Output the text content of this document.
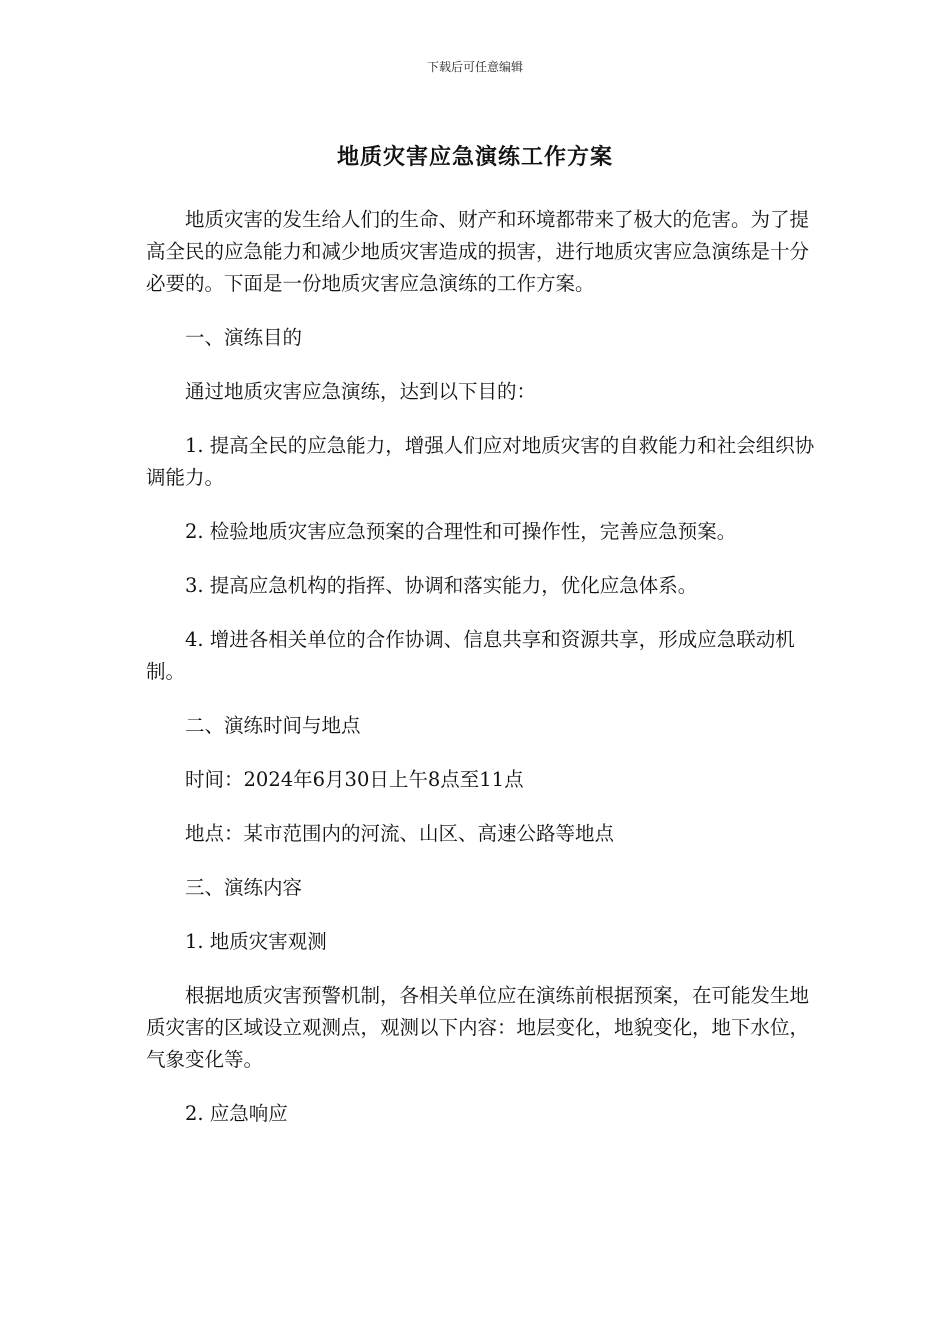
下载后可任意编辑
地质灾害应急演练工作方案

地质灾害的发生给人们的生命、财产和环境都带来了极大的危害。为了提高全民的应急能力和减少地质灾害造成的损害，进行地质灾害应急演练是十分必要的。下面是一份地质灾害应急演练的工作方案。

一、演练目的

通过地质灾害应急演练，达到以下目的：

1. 提高全民的应急能力，增强人们应对地质灾害的自救能力和社会组织协调能力。

2. 检验地质灾害应急预案的合理性和可操作性，完善应急预案。

3. 提高应急机构的指挥、协调和落实能力，优化应急体系。

4. 增进各相关单位的合作协调、信息共享和资源共享，形成应急联动机制。

二、演练时间与地点

时间：2024年6月30日上午8点至11点

地点：某市范围内的河流、山区、高速公路等地点

三、演练内容

1. 地质灾害观测

根据地质灾害预警机制，各相关单位应在演练前根据预案，在可能发生地质灾害的区域设立观测点，观测以下内容：地层变化，地貌变化，地下水位，气象变化等。

2. 应急响应
